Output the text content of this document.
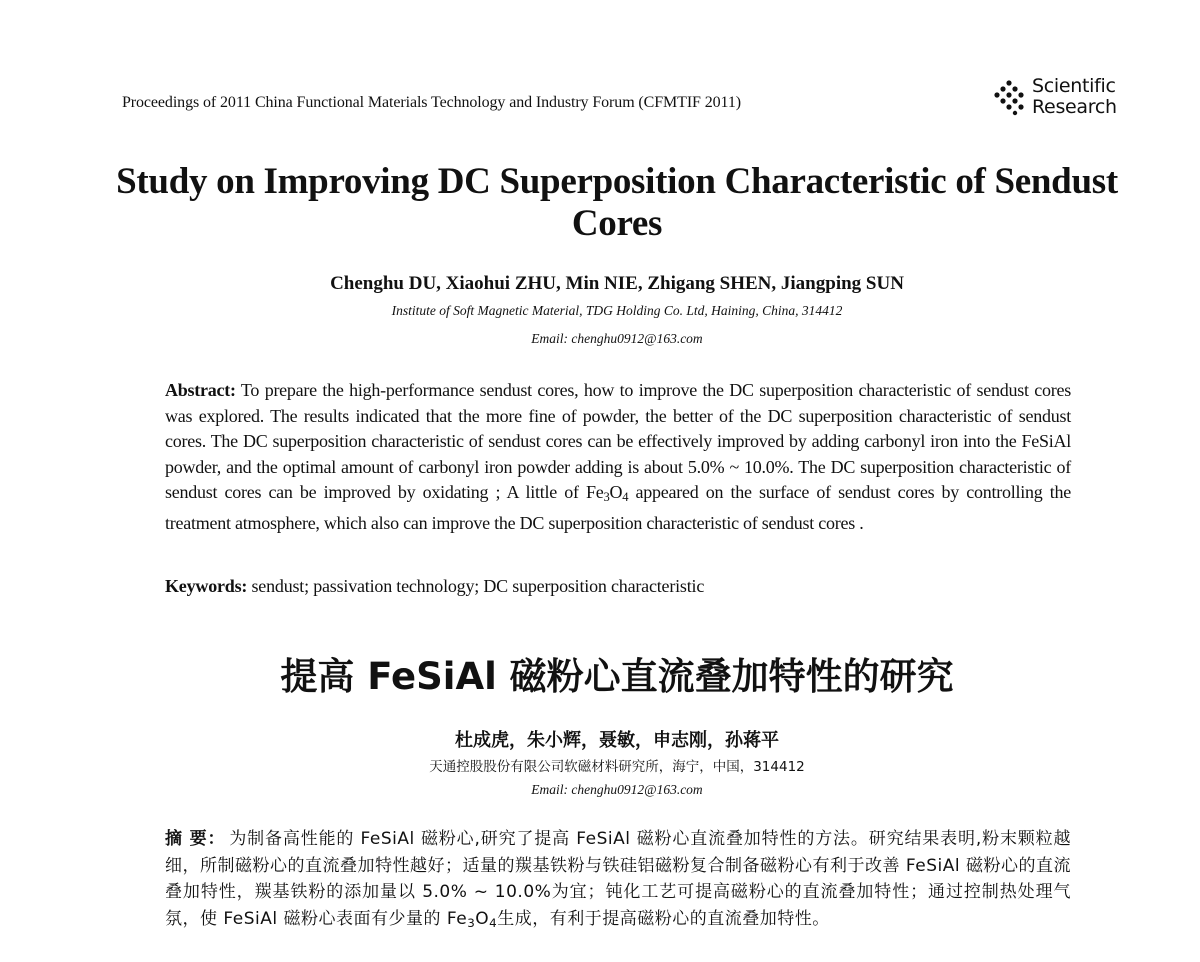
Proceedings of 2011 China Functional Materials Technology and Industry Forum (CFMTIF 2011)
Scientific
Research
Study on Improving DC Superposition Characteristic of Sendust Cores
Chenghu DU, Xiaohui ZHU, Min NIE, Zhigang SHEN, Jiangping SUN
Institute of Soft Magnetic Material, TDG Holding Co. Ltd, Haining, China, 314412
Email: chenghu0912@163.com
Abstract: To prepare the high-performance sendust cores, how to improve the DC superposition characteristic of sendust cores was explored. The results indicated that the more fine of powder, the better of the DC superposition characteristic of sendust cores. The DC superposition characteristic of sendust cores can be effectively improved by adding carbonyl iron into the FeSiAl powder, and the optimal amount of carbonyl iron powder adding is about 5.0% ~ 10.0%. The DC superposition characteristic of sendust cores can be improved by oxidating ; A little of $Fe_3O_4$ appeared on the surface of sendust cores by controlling the treatment atmosphere, which also can improve the DC superposition characteristic of sendust cores .
Keywords: sendust; passivation technology; DC superposition characteristic
提高 FeSiAl 磁粉心直流叠加特性的研究
杜成虎，朱小辉，聂敏，申志刚，孙蒋平
天通控股股份有限公司软磁材料研究所，海宁，中国，314412
Email: chenghu0912@163.com
摘 要： 为制备高性能的 FeSiAl 磁粉心,研究了提高 FeSiAl 磁粉心直流叠加特性的方法。研究结果表明,粉末颗粒越细，所制磁粉心的直流叠加特性越好；适量的羰基铁粉与铁硅铝磁粉复合制备磁粉心有利于改善 FeSiAl 磁粉心的直流叠加特性，羰基铁粉的添加量以 5.0% ~ 10.0%为宜；钝化工艺可提高磁粉心的直流叠加特性；通过控制热处理气氛，使 FeSiAl 磁粉心表面有少量的 $Fe_3O_4$生成，有利于提高磁粉心的直流叠加特性。
